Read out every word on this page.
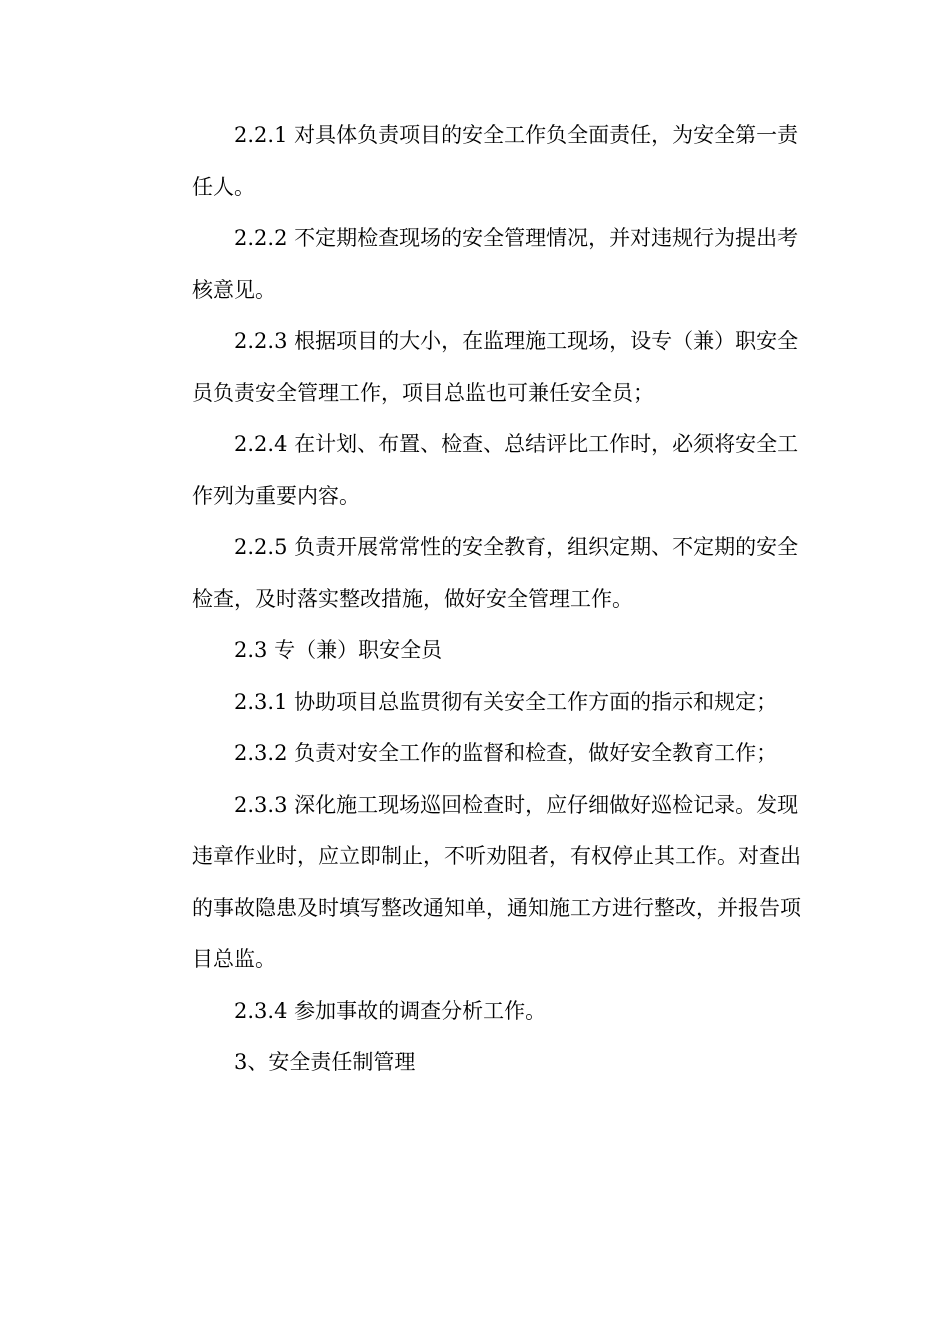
2.2.1 对具体负责项目的安全工作负全面责任，为安全第一责
任人。
2.2.2 不定期检查现场的安全管理情况，并对违规行为提出考
核意见。
2.2.3 根据项目的大小，在监理施工现场，设专（兼）职安全
员负责安全管理工作，项目总监也可兼任安全员；
2.2.4 在计划、布置、检查、总结评比工作时，必须将安全工
作列为重要内容。
2.2.5 负责开展常常性的安全教育，组织定期、不定期的安全
检查，及时落实整改措施，做好安全管理工作。
2.3 专（兼）职安全员
2.3.1 协助项目总监贯彻有关安全工作方面的指示和规定；
2.3.2 负责对安全工作的监督和检查，做好安全教育工作；
2.3.3 深化施工现场巡回检查时，应仔细做好巡检记录。发现
违章作业时，应立即制止，不听劝阻者，有权停止其工作。对查出
的事故隐患及时填写整改通知单，通知施工方进行整改，并报告项
目总监。
2.3.4 参加事故的调查分析工作。
3、安全责任制管理
